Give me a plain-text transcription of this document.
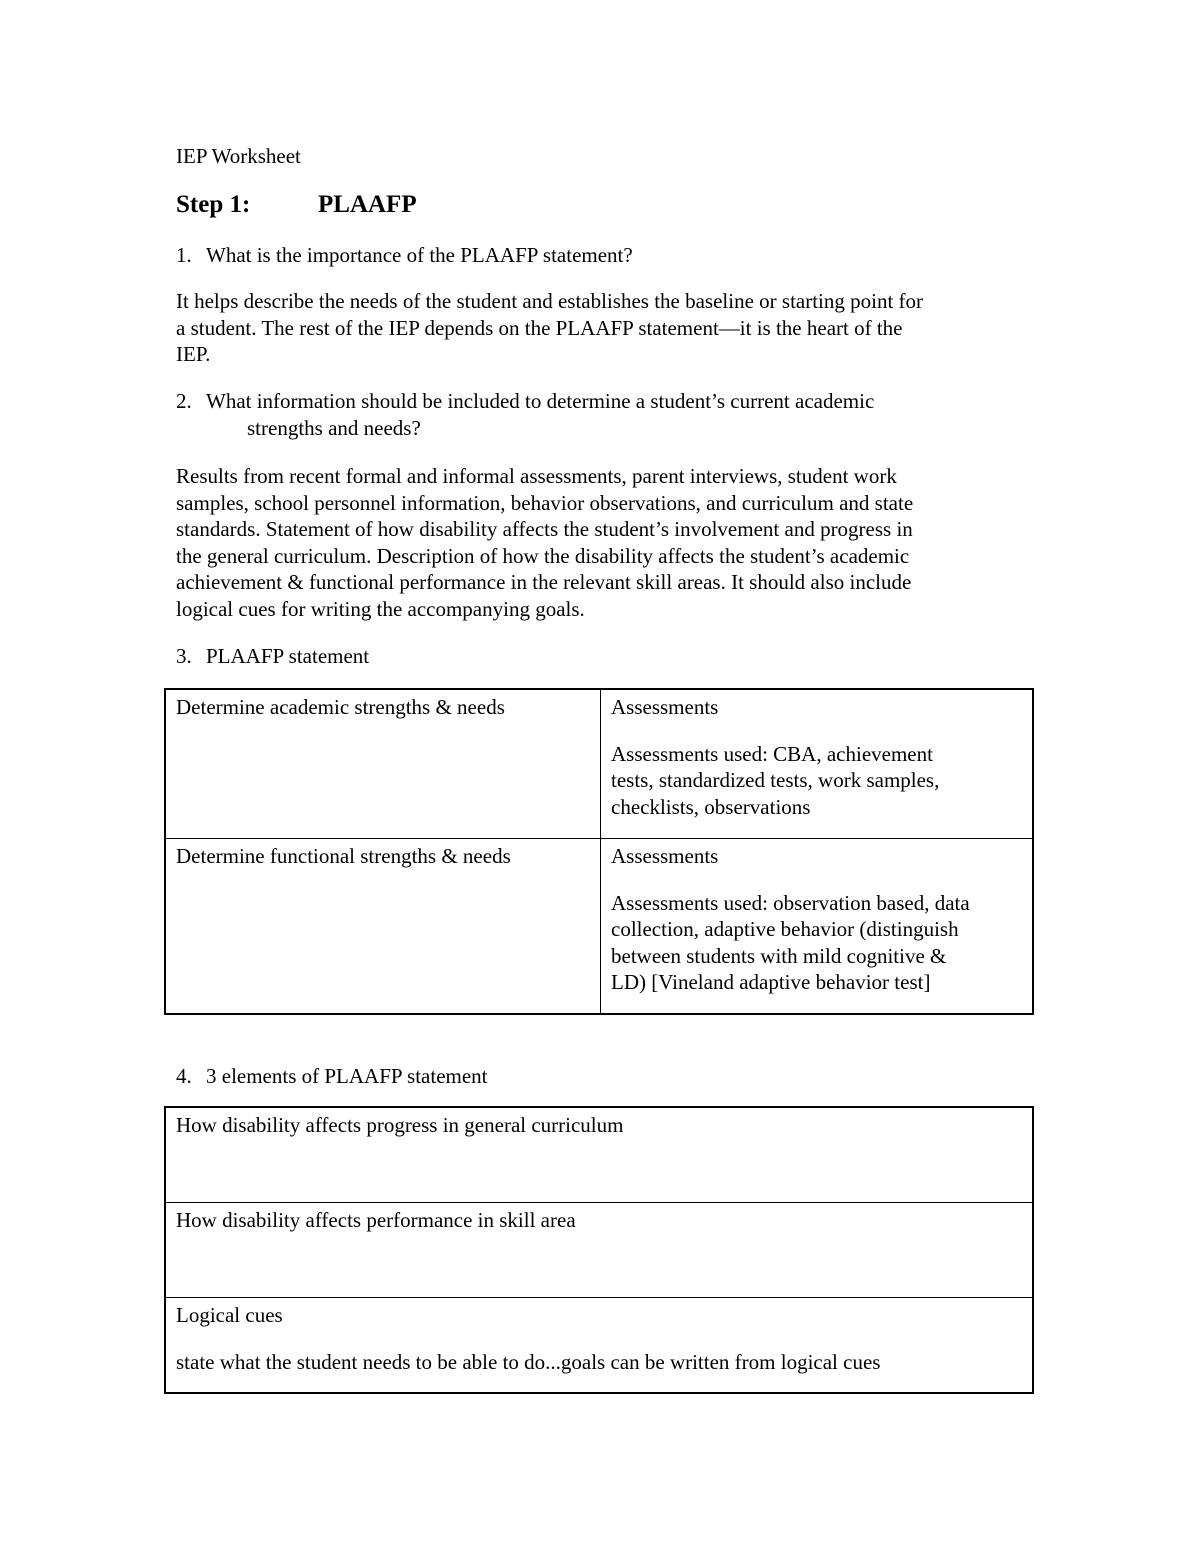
IEP Worksheet

Step 1:	PLAAFP

1. What is the importance of the PLAAFP statement?

It helps describe the needs of the student and establishes the baseline or starting point for
a student. The rest of the IEP depends on the PLAAFP statement—it is the heart of the
IEP.

2. What information should be included to determine a student’s current academic
strengths and needs?

Results from recent formal and informal assessments, parent interviews, student work
samples, school personnel information, behavior observations, and curriculum and state
standards. Statement of how disability affects the student’s involvement and progress in
the general curriculum. Description of how the disability affects the student’s academic
achievement & functional performance in the relevant skill areas. It should also include
logical cues for writing the accompanying goals.

3. PLAAFP statement

Determine academic strengths & needs	Assessments

Assessments used: CBA, achievement
tests, standardized tests, work samples,
checklists, observations

Determine functional strengths & needs	Assessments

Assessments used: observation based, data
collection, adaptive behavior (distinguish
between students with mild cognitive &
LD) [Vineland adaptive behavior test]

4. 3 elements of PLAAFP statement

How disability affects progress in general curriculum

How disability affects performance in skill area

Logical cues

state what the student needs to be able to do...goals can be written from logical cues
